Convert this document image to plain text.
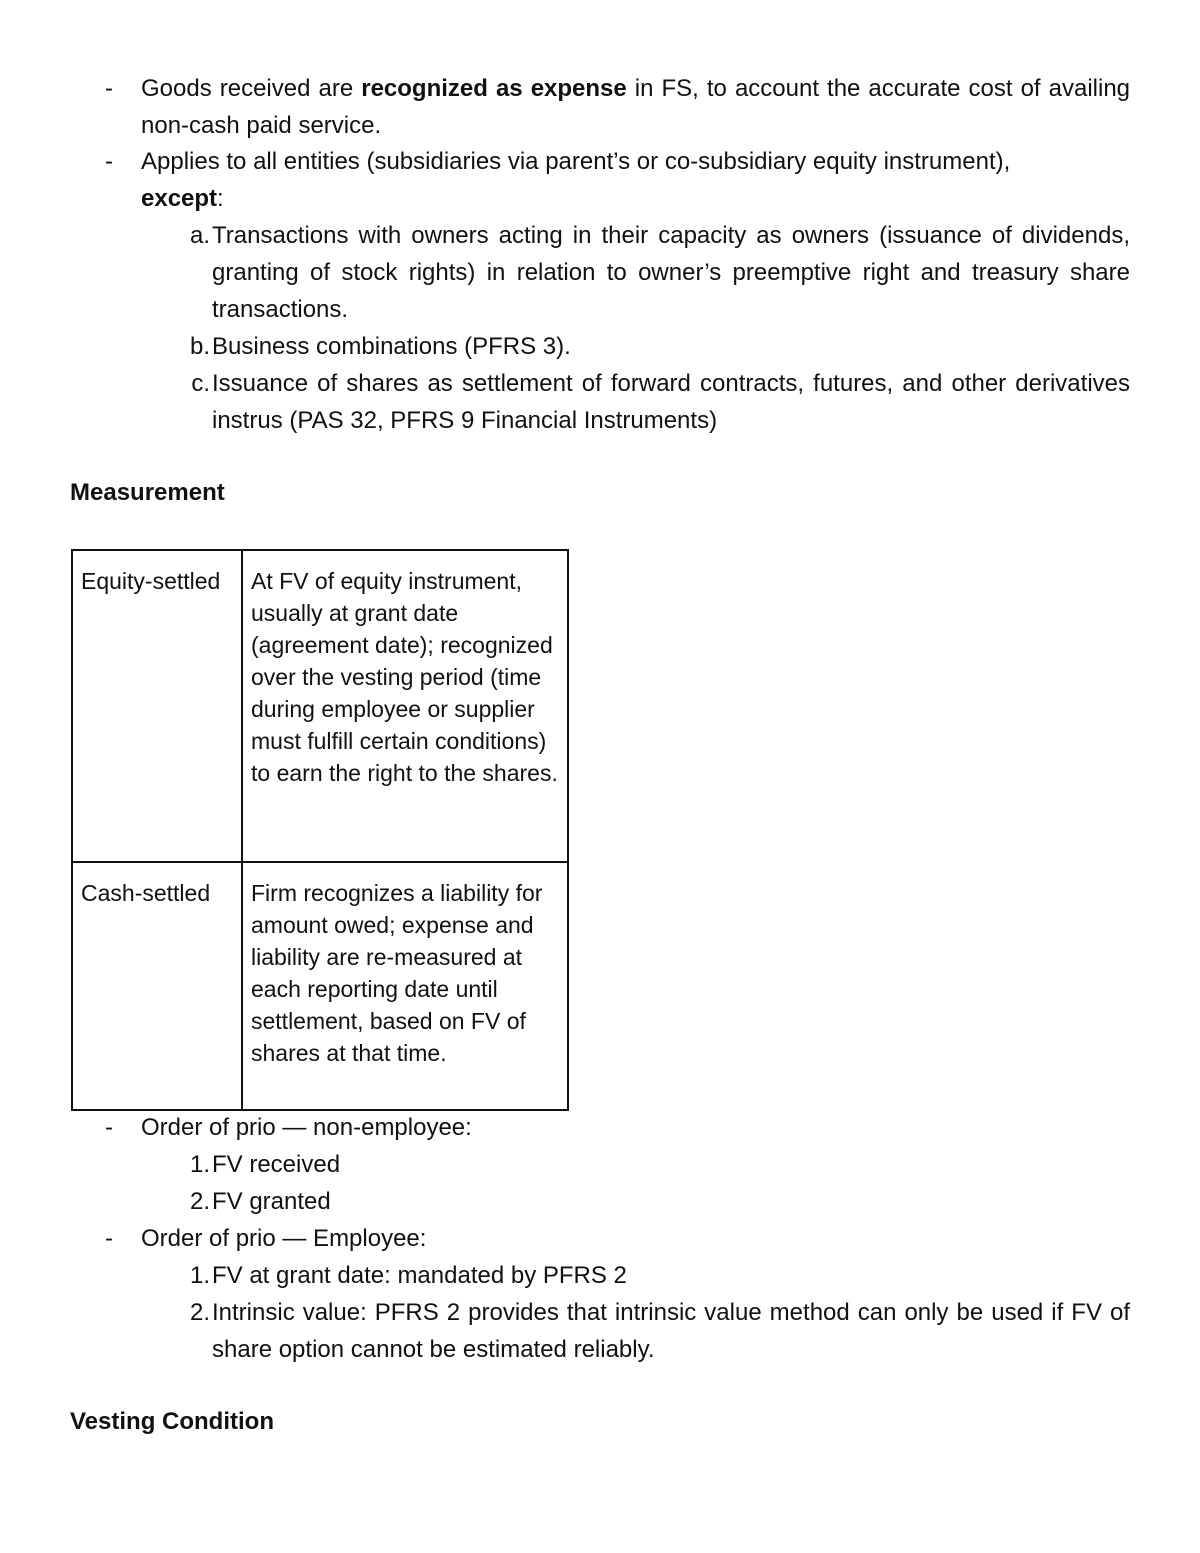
-	Goods received are recognized as expense in FS, to account the accurate cost of availing non-cash paid service.
-	Applies to all entities (subsidiaries via parent’s or co-subsidiary equity instrument),
except:
a. Transactions with owners acting in their capacity as owners (issuance of dividends, granting of stock rights) in relation to owner’s preemptive right and treasury share transactions.
b. Business combinations (PFRS 3).
c. Issuance of shares as settlement of forward contracts, futures, and other derivatives instrus (PAS 32, PFRS 9 Financial Instruments)
Measurement
Equity-settled	At FV of equity instrument, usually at grant date (agreement date); recognized over the vesting period (time during employee or supplier must fulfill certain conditions) to earn the right to the shares.
Cash-settled	Firm recognizes a liability for amount owed; expense and liability are re-measured at each reporting date until settlement, based on FV of shares at that time.
-	Order of prio — non-employee:
1. FV received
2. FV granted
-	Order of prio — Employee:
1. FV at grant date: mandated by PFRS 2
2. Intrinsic value: PFRS 2 provides that intrinsic value method can only be used if FV of share option cannot be estimated reliably.
Vesting Condition
